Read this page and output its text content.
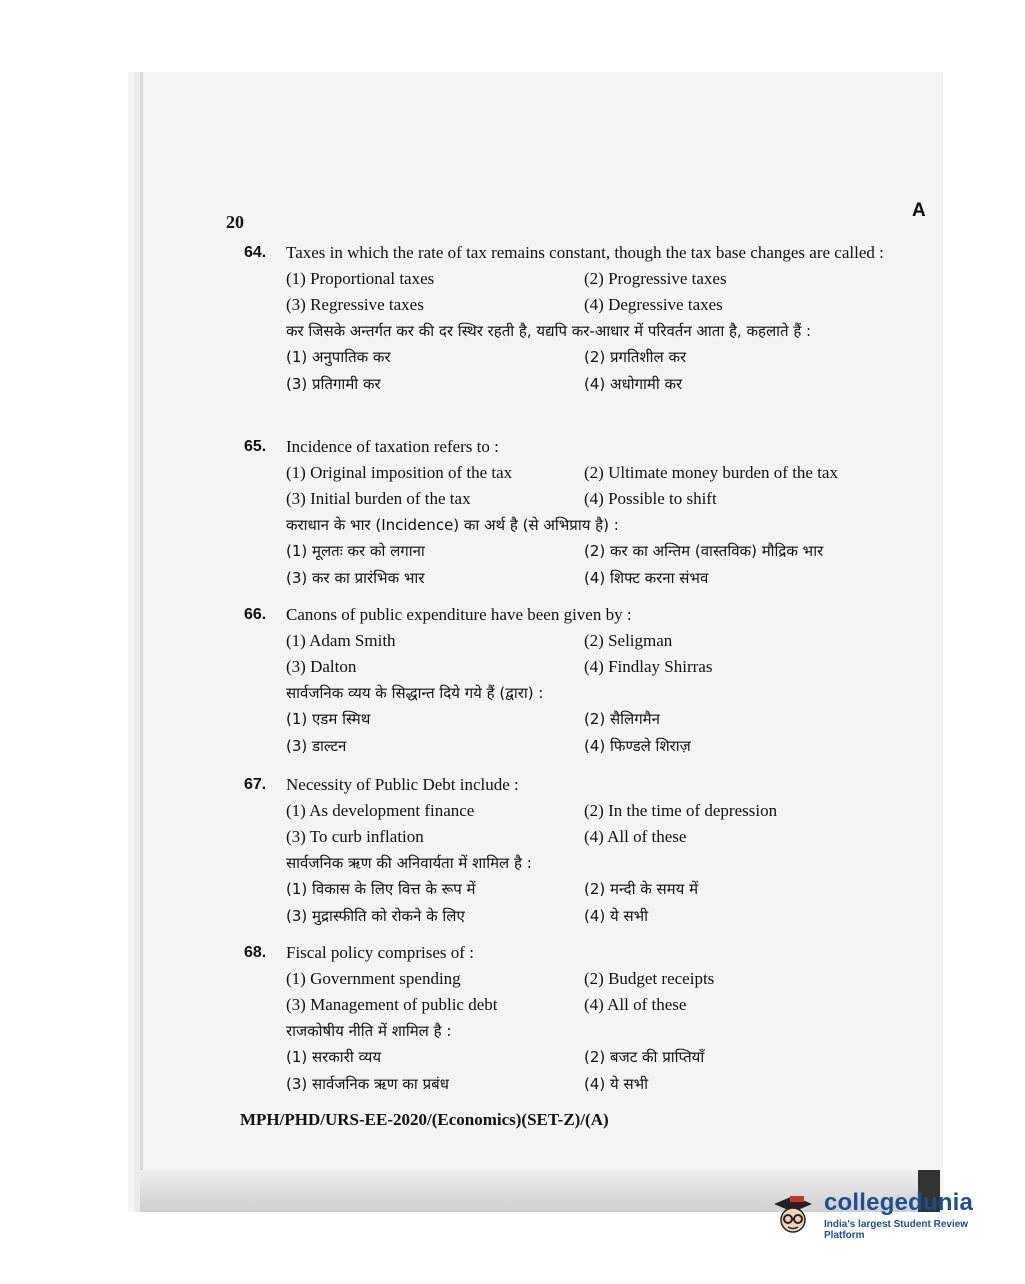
20
A
64.	Taxes in which the rate of tax remains constant, though the tax base changes are called :
(1) Proportional taxes	(2) Progressive taxes
(3) Regressive taxes	(4) Degressive taxes
कर जिसके अन्तर्गत कर की दर स्थिर रहती है, यद्यपि कर-आधार में परिवर्तन आता है, कहलाते हैं :
(1) अनुपातिक कर	(2) प्रगतिशील कर
(3) प्रतिगामी कर	(4) अधोगामी कर
65.	Incidence of taxation refers to :
(1) Original imposition of the tax	(2) Ultimate money burden of the tax
(3) Initial burden of the tax	(4) Possible to shift
कराधान के भार (Incidence) का अर्थ है (से अभिप्राय है) :
(1) मूलतः कर को लगाना	(2) कर का अन्तिम (वास्तविक) मौद्रिक भार
(3) कर का प्रारंभिक भार	(4) शिफ्ट करना संभव
66.	Canons of public expenditure have been given by :
(1) Adam Smith	(2) Seligman
(3) Dalton	(4) Findlay Shirras
सार्वजनिक व्यय के सिद्धान्त दिये गये हैं (द्वारा) :
(1) एडम स्मिथ	(2) सैलिगमैन
(3) डाल्टन	(4) फिण्डले शिराज़
67.	Necessity of Public Debt include :
(1) As development finance	(2) In the time of depression
(3) To curb inflation	(4) All of these
सार्वजनिक ऋण की अनिवार्यता में शामिल है :
(1) विकास के लिए वित्त के रूप में	(2) मन्दी के समय में
(3) मुद्रास्फीति को रोकने के लिए	(4) ये सभी
68.	Fiscal policy comprises of :
(1) Government spending	(2) Budget receipts
(3) Management of public debt	(4) All of these
राजकोषीय नीति में शामिल है :
(1) सरकारी व्यय	(2) बजट की प्राप्तियाँ
(3) सार्वजनिक ऋण का प्रबंध	(4) ये सभी
MPH/PHD/URS-EE-2020/(Economics)(SET-Z)/(A)
collegedunia
India's largest Student Review Platform
